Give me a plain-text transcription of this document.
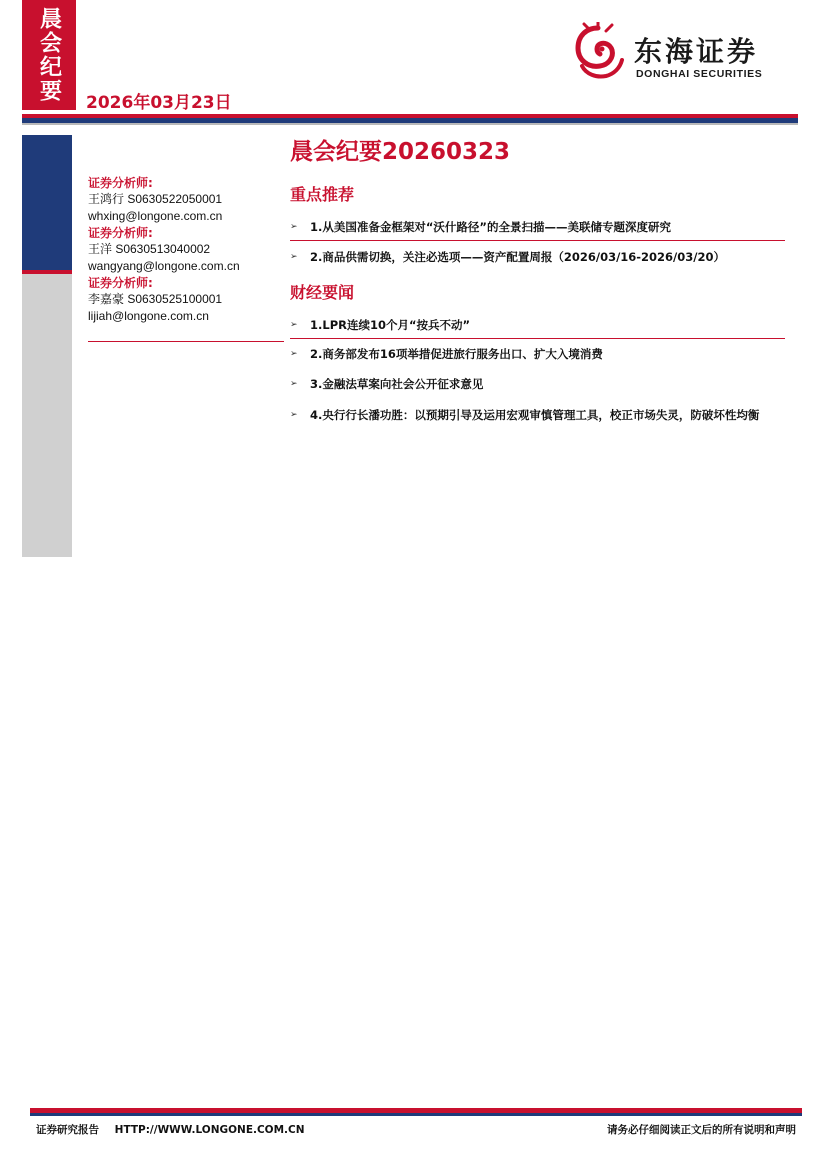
晨会纪要	2026年03月23日
东海证券
DONGHAI SECURITIES
证券分析师:
王鸿行 S0630522050001
whxing@longone.com.cn
证券分析师:
王洋 S0630513040002
wangyang@longone.com.cn
证券分析师:
李嘉豪 S0630525100001
lijiah@longone.com.cn
晨会纪要20260323
重点推荐
➢	1.从美国准备金框架对“沃什路径”的全景扫描——美联储专题深度研究
➢	2.商品供需切换，关注必选项——资产配置周报（2026/03/16-2026/03/20）
财经要闻
➢	1.LPR连续10个月“按兵不动”
➢	2.商务部发布16项举措促进旅行服务出口、扩大入境消费
➢	3.金融法草案向社会公开征求意见
➢	4.央行行长潘功胜：以预期引导及运用宏观审慎管理工具，校正市场失灵，防破坏性均衡
证券研究报告 HTTP://WWW.LONGONE.COM.CN	请务必仔细阅读正文后的所有说明和声明
